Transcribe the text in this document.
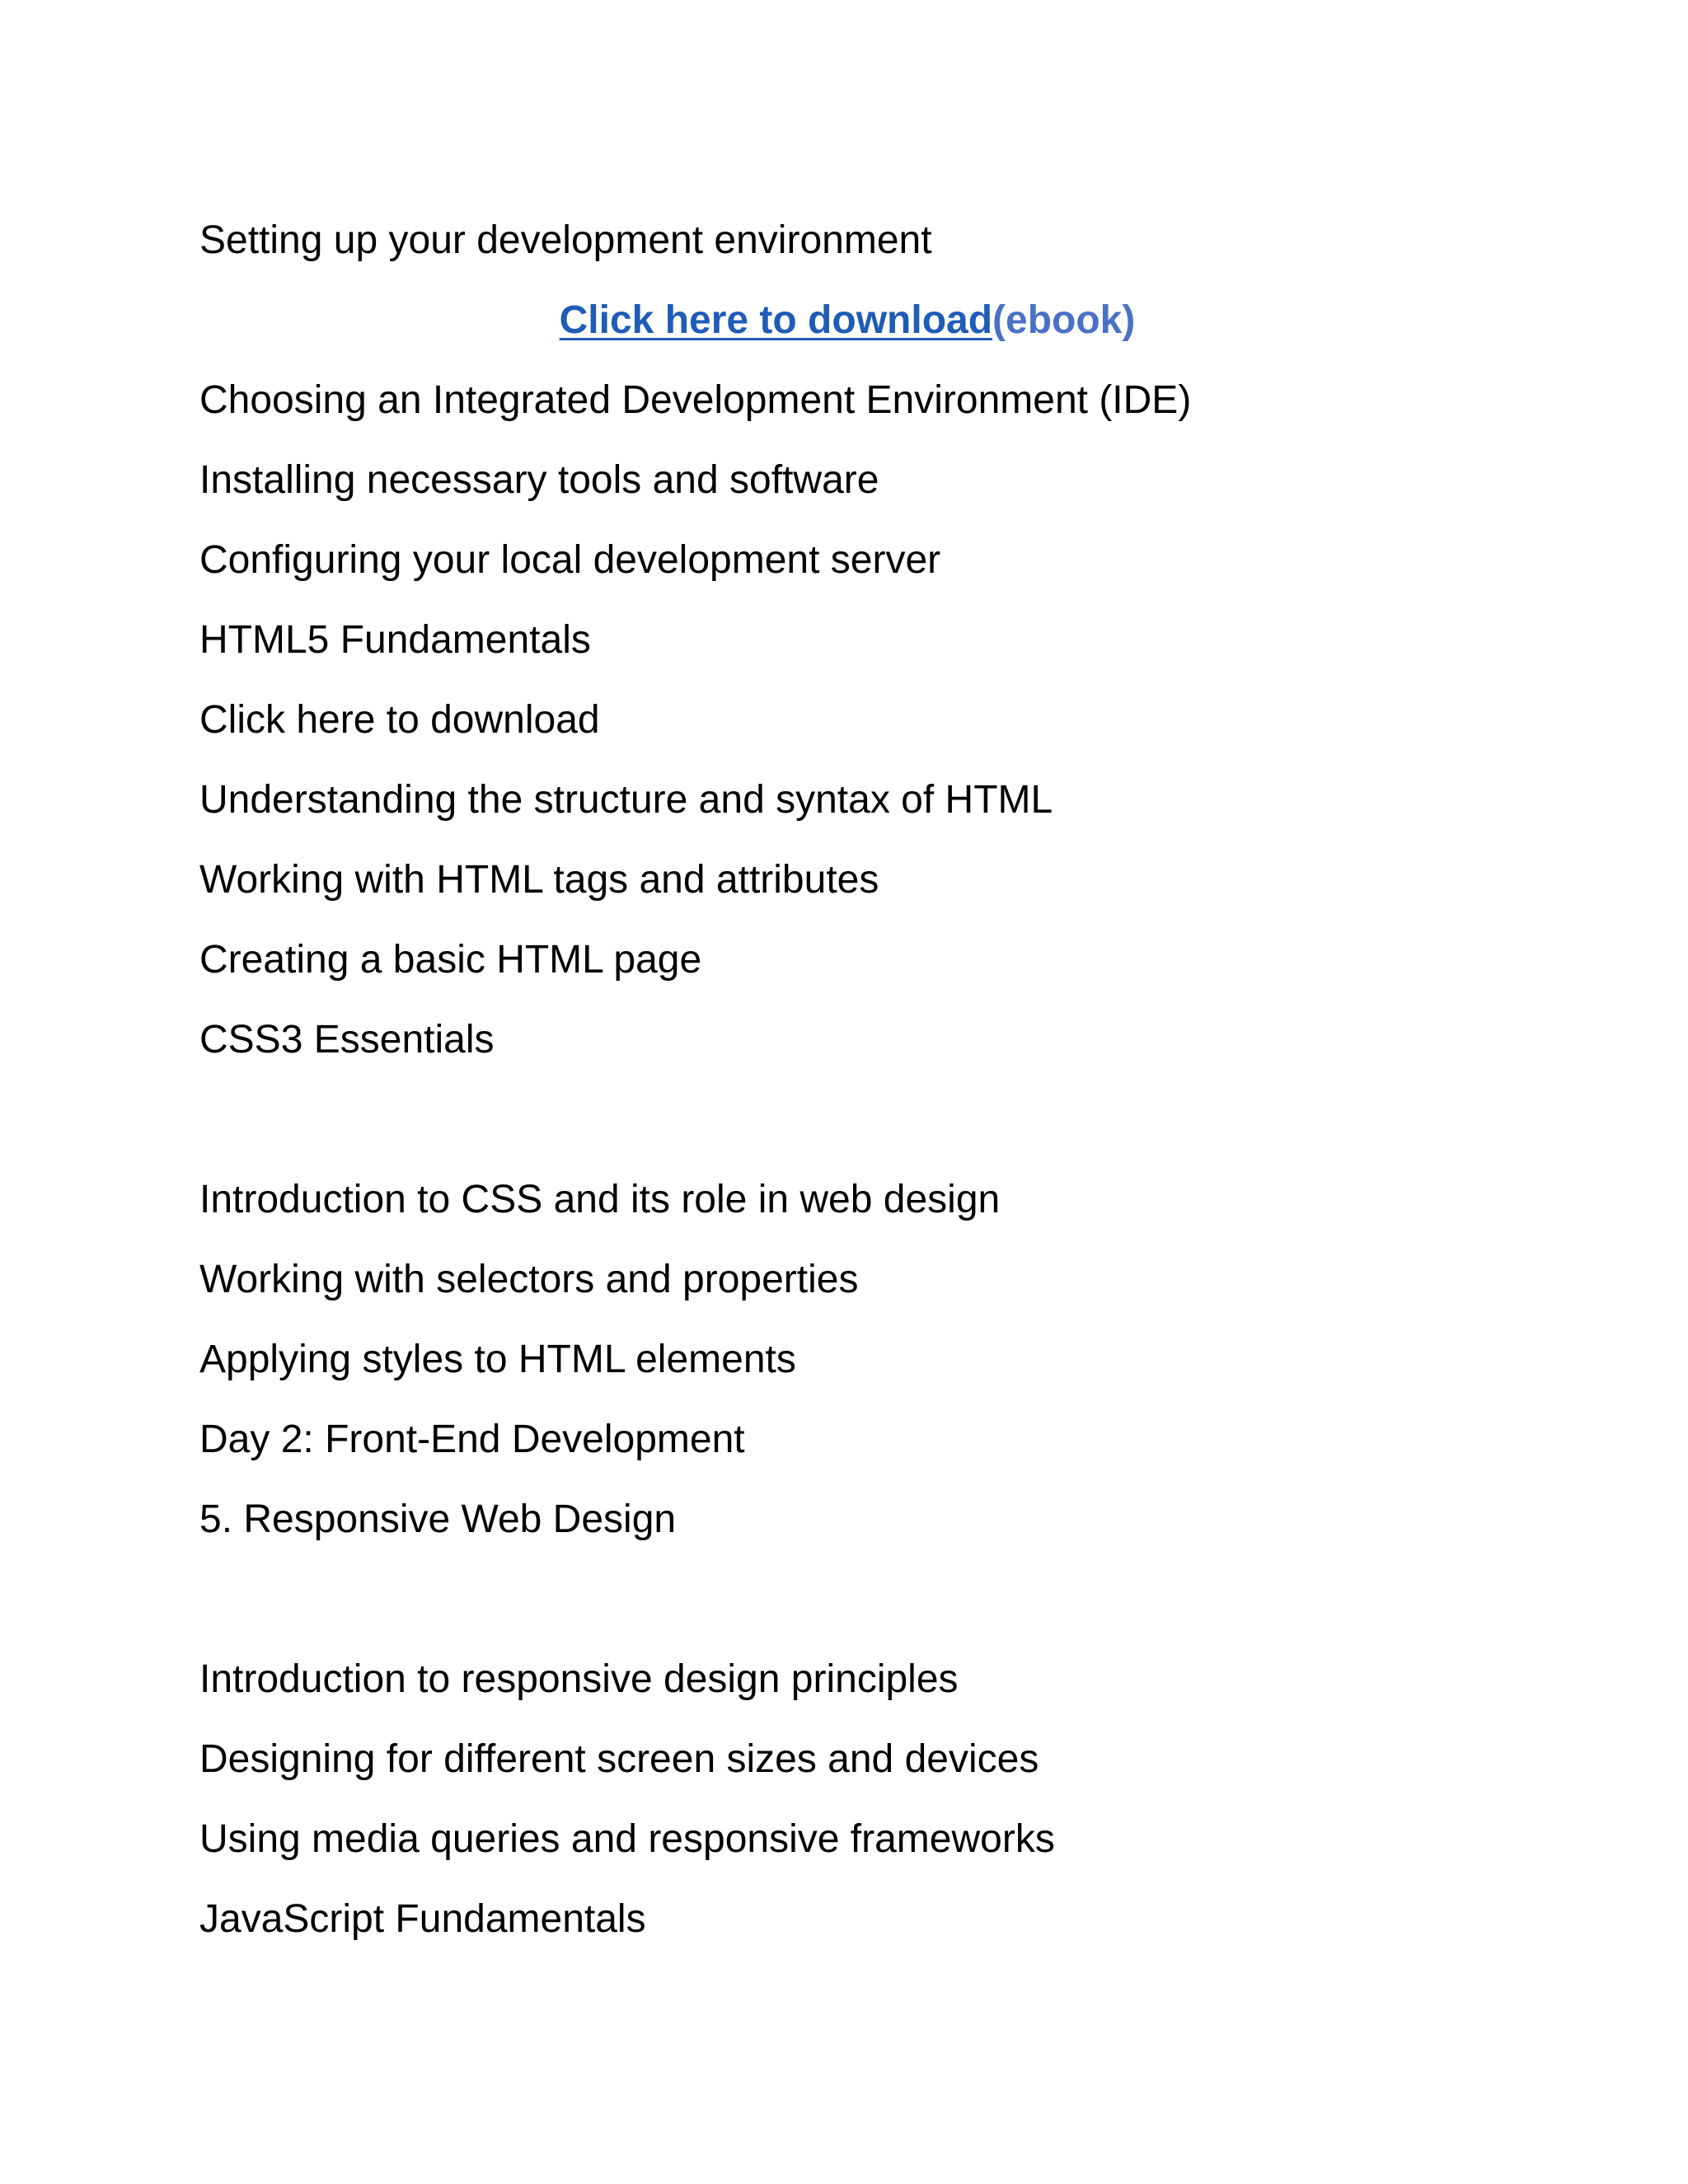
Setting up your development environment
Click here to download(ebook)
Choosing an Integrated Development Environment (IDE)
Installing necessary tools and software
Configuring your local development server
HTML5 Fundamentals
Click here to download
Understanding the structure and syntax of HTML
Working with HTML tags and attributes
Creating a basic HTML page
CSS3 Essentials
Introduction to CSS and its role in web design
Working with selectors and properties
Applying styles to HTML elements
Day 2: Front-End Development
5. Responsive Web Design
Introduction to responsive design principles
Designing for different screen sizes and devices
Using media queries and responsive frameworks
JavaScript Fundamentals
